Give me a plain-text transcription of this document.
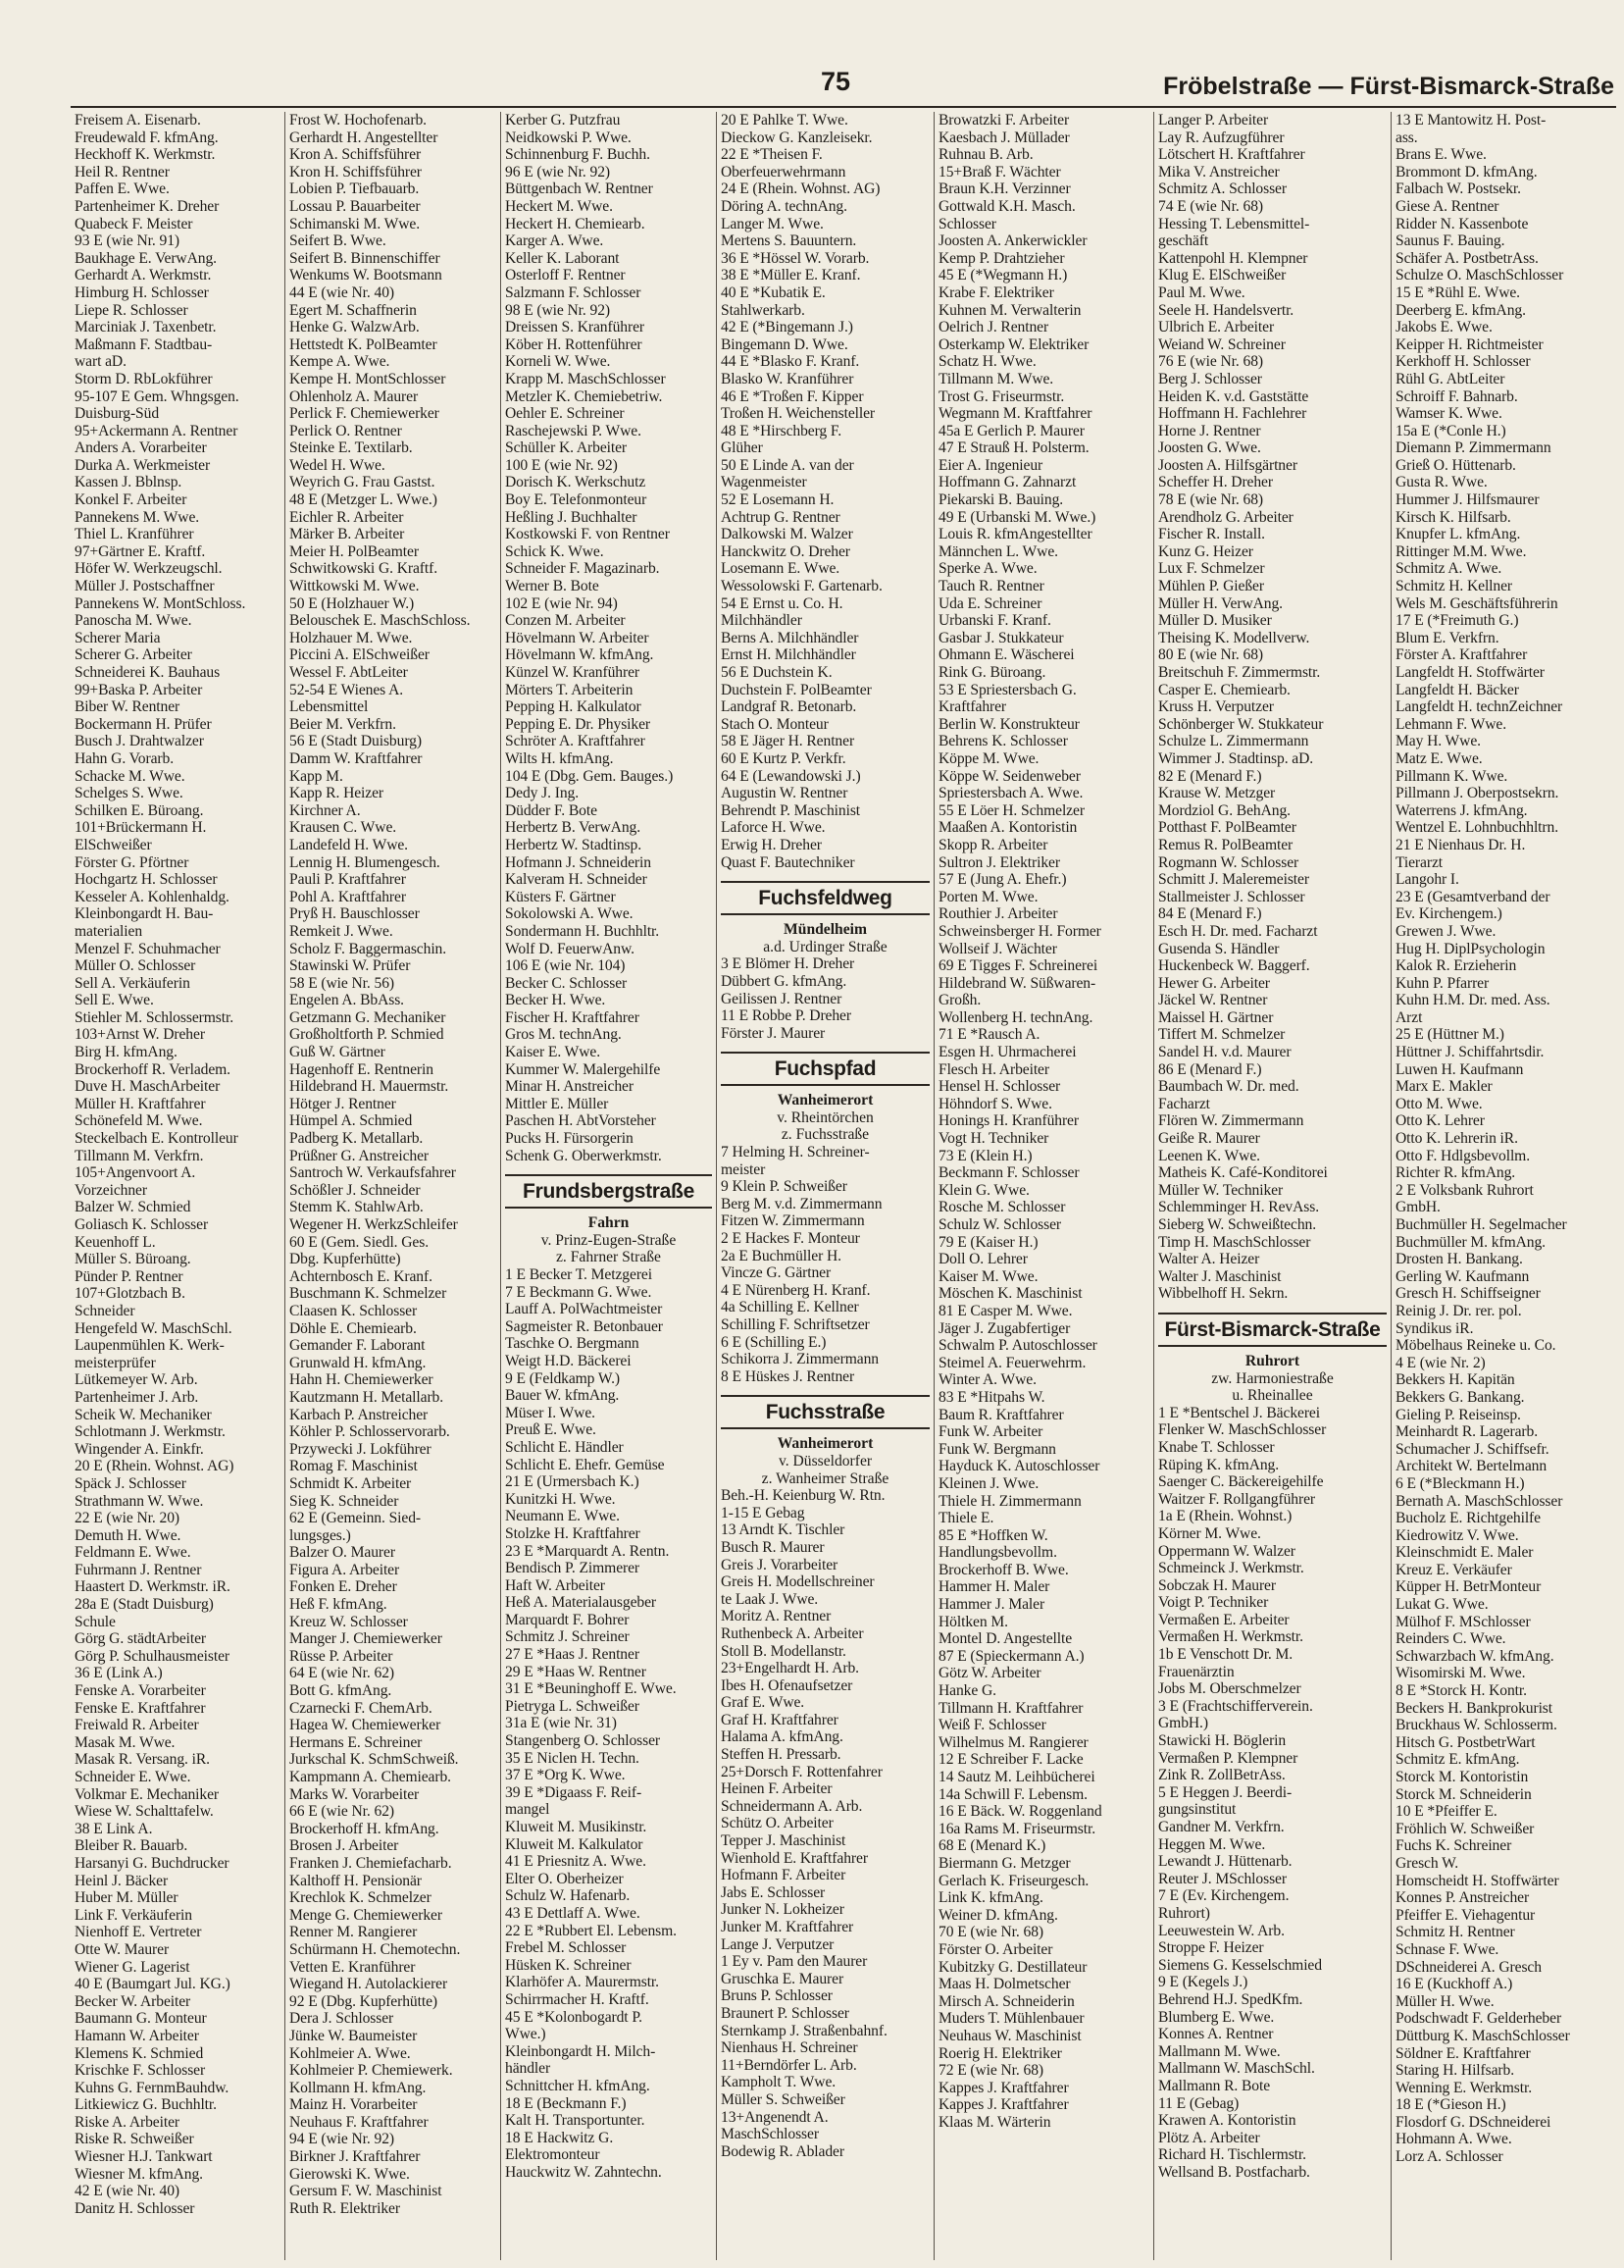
75	Fröbelstraße — Fürst-Bismarck-Straße
Freisem A. Eisenarb.
Freudewald F. kfmAng.
Heckhoff K. Werkmstr.
Heil R. Rentner
Paffen E. Wwe.
Partenheimer K. Dreher
Quabeck F. Meister
93 E (wie Nr. 91)
Baukhage E. VerwAng.
Gerhardt A. Werkmstr.
Himburg H. Schlosser
Liepe R. Schlosser
Marciniak J. Taxenbetr.
Maßmann F. Stadtbau-
wart aD.
Storm D. RbLokführer
95-107 E Gem. Whngsgen.
Duisburg-Süd
95+Ackermann A. Rentner
Anders A. Vorarbeiter
Durka A. Werkmeister
Kassen J. Bblnsp.
Konkel F. Arbeiter
Pannekens M. Wwe.
Thiel L. Kranführer
97+Gärtner E. Kraftf.
Höfer W. Werkzeugschl.
Müller J. Postschaffner
Pannekens W. MontSchloss.
Panoscha M. Wwe.
Scherer Maria
Scherer G. Arbeiter
Schneiderei K. Bauhaus
99+Baska P. Arbeiter
Biber W. Rentner
Bockermann H. Prüfer
Busch J. Drahtwalzer
Hahn G. Vorarb.
Schacke M. Wwe.
Schelges S. Wwe.
Schilken E. Büroang.
101+Brückermann H.
ElSchweißer
Förster G. Pförtner
Hochgartz H. Schlosser
Kesseler A. Kohlenhaldg.
Kleinbongardt H. Bau-
materialien
Menzel F. Schuhmacher
Müller O. Schlosser
Sell A. Verkäuferin
Sell E. Wwe.
Stiehler M. Schlossermstr.
103+Arnst W. Dreher
Birg H. kfmAng.
Brockerhoff R. Verladem.
Duve H. MaschArbeiter
Müller H. Kraftfahrer
Schönefeld M. Wwe.
Steckelbach E. Kontrolleur
Tillmann M. Verkfrn.
105+Angenvoort A.
Vorzeichner
Balzer W. Schmied
Goliasch K. Schlosser
Keuenhoff L.
Müller S. Büroang.
Pünder P. Rentner
107+Glotzbach B.
Schneider
Hengefeld W. MaschSchl.
Laupenmühlen K. Werk-
meisterprüfer
Lütkemeyer W. Arb.
Partenheimer J. Arb.
Scheik W. Mechaniker
Schlotmann J. Werkmstr.
Wingender A. Einkfr.
20 E (Rhein. Wohnst. AG)
Späck J. Schlosser
Strathmann W. Wwe.
22 E (wie Nr. 20)
Demuth H. Wwe.
Feldmann E. Wwe.
Fuhrmann J. Rentner
Haastert D. Werkmstr. iR.
28a E (Stadt Duisburg)
Schule
Görg G. städtArbeiter
Görg P. Schulhausmeister
36 E (Link A.)
Fenske A. Vorarbeiter
Fenske E. Kraftfahrer
Freiwald R. Arbeiter
Masak M. Wwe.
Masak R. Versang. iR.
Schneider E. Wwe.
Volkmar E. Mechaniker
Wiese W. Schalttafelw.
38 E Link A.
Bleiber R. Bauarb.
Harsanyi G. Buchdrucker
Heinl J. Bäcker
Huber M. Müller
Link F. Verkäuferin
Nienhoff E. Vertreter
Otte W. Maurer
Wiener G. Lagerist
40 E (Baumgart Jul. KG.)
Becker W. Arbeiter
Baumann G. Monteur
Hamann W. Arbeiter
Klemens K. Schmied
Krischke F. Schlosser
Kuhns G. FernmBauhdw.
Litkiewicz G. Buchhltr.
Riske A. Arbeiter
Riske R. Schweißer
Wiesner H.J. Tankwart
Wiesner M. kfmAng.
42 E (wie Nr. 40)
Danitz H. Schlosser
Frost W. Hochofenarb.
Gerhardt H. Angestellter
Kron A. Schiffsführer
Kron H. Schiffsführer
Lobien P. Tiefbauarb.
Lossau P. Bauarbeiter
Schimanski M. Wwe.
Seifert B. Wwe.
Seifert B. Binnenschiffer
Wenkums W. Bootsmann
44 E (wie Nr. 40)
Egert M. Schaffnerin
Henke G. WalzwArb.
Hettstedt K. PolBeamter
Kempe A. Wwe.
Kempe H. MontSchlosser
Ohlenholz A. Maurer
Perlick F. Chemiewerker
Perlick O. Rentner
Steinke E. Textilarb.
Wedel H. Wwe.
Weyrich G. Frau Gastst.
48 E (Metzger L. Wwe.)
Eichler R. Arbeiter
Märker B. Arbeiter
Meier H. PolBeamter
Schwitkowski G. Kraftf.
Wittkowski M. Wwe.
50 E (Holzhauer W.)
Belouschek E. MaschSchloss.
Holzhauer M. Wwe.
Piccini A. ElSchweißer
Wessel F. AbtLeiter
52-54 E Wienes A.
Lebensmittel
Beier M. Verkfrn.
56 E (Stadt Duisburg)
Damm W. Kraftfahrer
Kapp M.
Kapp R. Heizer
Kirchner A.
Krausen C. Wwe.
Landefeld H. Wwe.
Lennig H. Blumengesch.
Pauli P. Kraftfahrer
Pohl A. Kraftfahrer
Pryß H. Bauschlosser
Remkeit J. Wwe.
Scholz F. Baggermaschin.
Stawinski W. Prüfer
58 E (wie Nr. 56)
Engelen A. BbAss.
Getzmann G. Mechaniker
Großholtforth P. Schmied
Guß W. Gärtner
Hagenhoff E. Rentnerin
Hildebrand H. Mauermstr.
Hötger J. Rentner
Hümpel A. Schmied
Padberg K. Metallarb.
Prüßner G. Anstreicher
Santroch W. Verkaufsfahrer
Schößler J. Schneider
Stemm K. StahlwArb.
Wegener H. WerkzSchleifer
60 E (Gem. Siedl. Ges.
Dbg. Kupferhütte)
Achternbosch E. Kranf.
Buschmann K. Schmelzer
Claasen K. Schlosser
Döhle E. Chemiearb.
Gemander F. Laborant
Grunwald H. kfmAng.
Hahn H. Chemiewerker
Kautzmann H. Metallarb.
Karbach P. Anstreicher
Köhler P. Schlosservorarb.
Przywecki J. Lokführer
Romag F. Maschinist
Schmidt K. Arbeiter
Sieg K. Schneider
62 E (Gemeinn. Sied-
lungsges.)
Balzer O. Maurer
Figura A. Arbeiter
Fonken E. Dreher
Heß F. kfmAng.
Kreuz W. Schlosser
Manger J. Chemiewerker
Rüsse P. Arbeiter
64 E (wie Nr. 62)
Bott G. kfmAng.
Czarnecki F. ChemArb.
Hagea W. Chemiewerker
Hermans E. Schreiner
Jurkschal K. SchmSchweiß.
Kampmann A. Chemiearb.
Marks W. Vorarbeiter
66 E (wie Nr. 62)
Brockerhoff H. kfmAng.
Brosen J. Arbeiter
Franken J. Chemiefacharb.
Kalthoff H. Pensionär
Krechlok K. Schmelzer
Menge G. Chemiewerker
Renner M. Rangierer
Schürmann H. Chemotechn.
Vetten E. Kranführer
Wiegand H. Autolackierer
92 E (Dbg. Kupferhütte)
Dera J. Schlosser
Jünke W. Baumeister
Kohlmeier A. Wwe.
Kohlmeier P. Chemiewerk.
Kollmann H. kfmAng.
Mainz H. Vorarbeiter
Neuhaus F. Kraftfahrer
94 E (wie Nr. 92)
Birkner J. Kraftfahrer
Gierowski K. Wwe.
Gersum F. W. Maschinist
Ruth R. Elektriker
Kerber G. Putzfrau
Neidkowski P. Wwe.
Schinnenburg F. Buchh.
96 E (wie Nr. 92)
Büttgenbach W. Rentner
Heckert M. Wwe.
Heckert H. Chemiearb.
Karger A. Wwe.
Keller K. Laborant
Osterloff F. Rentner
Salzmann F. Schlosser
98 E (wie Nr. 92)
Dreissen S. Kranführer
Köber H. Rottenführer
Korneli W. Wwe.
Krapp M. MaschSchlosser
Metzler K. Chemiebetriw.
Oehler E. Schreiner
Raschejewski P. Wwe.
Schüller K. Arbeiter
100 E (wie Nr. 92)
Dorisch K. Werkschutz
Boy E. Telefonmonteur
Heßling J. Buchhalter
Kostkowski F. von Rentner
Schick K. Wwe.
Schneider F. Magazinarb.
Werner B. Bote
102 E (wie Nr. 94)
Conzen M. Arbeiter
Hövelmann W. Arbeiter
Hövelmann W. kfmAng.
Künzel W. Kranführer
Mörters T. Arbeiterin
Pepping H. Kalkulator
Pepping E. Dr. Physiker
Schröter A. Kraftfahrer
Wilts H. kfmAng.
104 E (Dbg. Gem. Bauges.)
Dedy J. Ing.
Düdder F. Bote
Herbertz B. VerwAng.
Herbertz W. Stadtinsp.
Hofmann J. Schneiderin
Kalveram H. Schneider
Küsters F. Gärtner
Sokolowski A. Wwe.
Sondermann H. Buchhltr.
Wolf D. FeuerwAnw.
106 E (wie Nr. 104)
Becker C. Schlosser
Becker H. Wwe.
Fischer H. Kraftfahrer
Gros M. technAng.
Kaiser E. Wwe.
Kummer W. Malergehilfe
Minar H. Anstreicher
Mittler E. Müller
Paschen H. AbtVorsteher
Pucks H. Fürsorgerin
Schenk G. Oberwerkmstr.
Frundsbergstraße
Fahrn
v. Prinz-Eugen-Straße
z. Fahrner Straße
1 E Becker T. Metzgerei
7 E Beckmann G. Wwe.
Lauff A. PolWachtmeister
Sagmeister R. Betonbauer
Taschke O. Bergmann
Weigt H.D. Bäckerei
9 E (Feldkamp W.)
Bauer W. kfmAng.
Müser I. Wwe.
Preuß E. Wwe.
Schlicht E. Händler
Schlicht E. Ehefr. Gemüse
21 E (Urmersbach K.)
Kunitzki H. Wwe.
Neumann E. Wwe.
Stolzke H. Kraftfahrer
23 E *Marquardt A. Rentn.
Bendisch P. Zimmerer
Haft W. Arbeiter
Heß A. Materialausgeber
Marquardt F. Bohrer
Schmitz J. Schreiner
27 E *Haas J. Rentner
29 E *Haas W. Rentner
31 E *Beuninghoff E. Wwe.
Pietryga L. Schweißer
31a E (wie Nr. 31)
Stangenberg O. Schlosser
35 E Niclen H. Techn.
37 E *Org K. Wwe.
39 E *Digaass F. Reif-
mangel
Kluweit M. Musikinstr.
Kluweit M. Kalkulator
41 E Priesnitz A. Wwe.
Elter O. Oberheizer
Schulz W. Hafenarb.
43 E Dettlaff A. Wwe.
22 E *Rubbert El. Lebensm.
Frebel M. Schlosser
Hüsken K. Schreiner
Klarhöfer A. Maurermstr.
Schirrmacher H. Kraftf.
45 E *Kolonbogardt P.
Wwe.)
Kleinbongardt H. Milch-
händler
Schnittcher H. kfmAng.
18 E (Beckmann F.)
Kalt H. Transportunter.
18 E Hackwitz G.
Elektromonteur
Hauckwitz W. Zahntechn.
20 E Pahlke T. Wwe.
Dieckow G. Kanzleisekr.
22 E *Theisen F.
Oberfeuerwehrmann
24 E (Rhein. Wohnst. AG)
Döring A. technAng.
Langer M. Wwe.
Mertens S. Bauuntern.
36 E *Hössel W. Vorarb.
38 E *Müller E. Kranf.
40 E *Kubatik E.
Stahlwerkarb.
42 E (*Bingemann J.)
Bingemann D. Wwe.
44 E *Blasko F. Kranf.
Blasko W. Kranführer
46 E *Troßen F. Kipper
Troßen H. Weichensteller
48 E *Hirschberg F.
Glüher
50 E Linde A. van der
Wagenmeister
52 E Losemann H.
Achtrup G. Rentner
Dalkowski M. Walzer
Hanckwitz O. Dreher
Losemann E. Wwe.
Wessolowski F. Gartenarb.
54 E Ernst u. Co. H.
Milchhändler
Berns A. Milchhändler
Ernst H. Milchhändler
56 E Duchstein K.
Duchstein F. PolBeamter
Landgraf R. Betonarb.
Stach O. Monteur
58 E Jäger H. Rentner
60 E Kurtz P. Verkfr.
64 E (Lewandowski J.)
Augustin W. Rentner
Behrendt P. Maschinist
Laforce H. Wwe.
Erwig H. Dreher
Quast F. Bautechniker
Fuchsfeldweg
Mündelheim
a.d. Urdinger Straße
3 E Blömer H. Dreher
Dübbert G. kfmAng.
Geilissen J. Rentner
11 E Robbe P. Dreher
Förster J. Maurer
Fuchspfad
Wanheimerort
v. Rheintörchen
z. Fuchsstraße
7 Helming H. Schreiner-
meister
9 Klein P. Schweißer
Berg M. v.d. Zimmermann
Fitzen W. Zimmermann
2 E Hackes F. Monteur
2a E Buchmüller H.
Vincze G. Gärtner
4 E Nürenberg H. Kranf.
4a Schilling E. Kellner
Schilling F. Schriftsetzer
6 E (Schilling E.)
Schikorra J. Zimmermann
8 E Hüskes J. Rentner
Fuchsstraße
Wanheimerort
v. Düsseldorfer
z. Wanheimer Straße
Beh.-H. Keienburg W. Rtn.
1-15 E Gebag
13 Arndt K. Tischler
Busch R. Maurer
Greis J. Vorarbeiter
Greis H. Modellschreiner
te Laak J. Wwe.
Moritz A. Rentner
Ruthenbeck A. Arbeiter
Stoll B. Modellanstr.
23+Engelhardt H. Arb.
Ibes H. Ofenaufsetzer
Graf E. Wwe.
Graf H. Kraftfahrer
Halama A. kfmAng.
Steffen H. Pressarb.
25+Dorsch F. Rottenfahrer
Heinen F. Arbeiter
Schneidermann A. Arb.
Schütz O. Arbeiter
Tepper J. Maschinist
Wienhold E. Kraftfahrer
Hofmann F. Arbeiter
Jabs E. Schlosser
Junker N. Lokheizer
Junker M. Kraftfahrer
Lange J. Verputzer
1 Ey v. Pam den Maurer
Gruschka E. Maurer
Bruns P. Schlosser
Braunert P. Schlosser
Sternkamp J. Straßenbahnf.
Nienhaus H. Schreiner
11+Berndörfer L. Arb.
Kampholt T. Wwe.
Müller S. Schweißer
13+Angenendt A.
MaschSchlosser
Bodewig R. Ablader
Browatzki F. Arbeiter
Kaesbach J. Müllader
Ruhnau B. Arb.
15+Braß F. Wächter
Braun K.H. Verzinner
Gottwald K.H. Masch.
Schlosser
Joosten A. Ankerwickler
Kemp P. Drahtzieher
45 E (*Wegmann H.)
Krabe F. Elektriker
Kuhnen M. Verwalterin
Oelrich J. Rentner
Osterkamp W. Elektriker
Schatz H. Wwe.
Tillmann M. Wwe.
Trost G. Friseurmstr.
Wegmann M. Kraftfahrer
45a E Gerlich P. Maurer
47 E Strauß H. Polsterm.
Eier A. Ingenieur
Hoffmann G. Zahnarzt
Piekarski B. Bauing.
49 E (Urbanski M. Wwe.)
Louis R. kfmAngestellter
Männchen L. Wwe.
Sperke A. Wwe.
Tauch R. Rentner
Uda E. Schreiner
Urbanski F. Kranf.
Gasbar J. Stukkateur
Ohmann E. Wäscherei
Rink G. Büroang.
53 E Spriestersbach G.
Kraftfahrer
Berlin W. Konstrukteur
Behrens K. Schlosser
Köppe M. Wwe.
Köppe W. Seidenweber
Spriestersbach A. Wwe.
55 E Löer H. Schmelzer
Maaßen A. Kontoristin
Skopp R. Arbeiter
Sultron J. Elektriker
57 E (Jung A. Ehefr.)
Porten M. Wwe.
Routhier J. Arbeiter
Schweinsberger H. Former
Wollseif J. Wächter
69 E Tigges F. Schreinerei
Hildebrand W. Süßwaren-
Großh.
Wollenberg H. technAng.
71 E *Rausch A.
Esgen H. Uhrmacherei
Flesch H. Arbeiter
Hensel H. Schlosser
Höhndorf S. Wwe.
Honings H. Kranführer
Vogt H. Techniker
73 E (Klein H.)
Beckmann F. Schlosser
Klein G. Wwe.
Rosche M. Schlosser
Schulz W. Schlosser
79 E (Kaiser H.)
Doll O. Lehrer
Kaiser M. Wwe.
Möschen K. Maschinist
81 E Casper M. Wwe.
Jäger J. Zugabfertiger
Schwalm P. Autoschlosser
Steimel A. Feuerwehrm.
Winter A. Wwe.
83 E *Hitpahs W.
Baum R. Kraftfahrer
Funk W. Arbeiter
Funk W. Bergmann
Hayduck K. Autoschlosser
Kleinen J. Wwe.
Thiele H. Zimmermann
Thiele E.
85 E *Hoffken W.
Handlungsbevollm.
Brockerhoff B. Wwe.
Hammer H. Maler
Hammer J. Maler
Höltken M.
Montel D. Angestellte
87 E (Spieckermann A.)
Götz W. Arbeiter
Hanke G.
Tillmann H. Kraftfahrer
Weiß F. Schlosser
Wilhelmus M. Rangierer
12 E Schreiber F. Lacke
14 Sautz M. Leihbücherei
14a Schwill F. Lebensm.
16 E Bäck. W. Roggenland
16a Rams M. Friseurmstr.
68 E (Menard K.)
Biermann G. Metzger
Gerlach K. Friseurgesch.
Link K. kfmAng.
Weiner D. kfmAng.
70 E (wie Nr. 68)
Förster O. Arbeiter
Kubitzky G. Destillateur
Maas H. Dolmetscher
Mirsch A. Schneiderin
Muders T. Mühlenbauer
Neuhaus W. Maschinist
Roerig H. Elektriker
72 E (wie Nr. 68)
Kappes J. Kraftfahrer
Kappes J. Kraftfahrer
Klaas M. Wärterin
Langer P. Arbeiter
Lay R. Aufzugführer
Lötschert H. Kraftfahrer
Mika V. Anstreicher
Schmitz A. Schlosser
74 E (wie Nr. 68)
Hessing T. Lebensmittel-
geschäft
Kattenpohl H. Klempner
Klug E. ElSchweißer
Paul M. Wwe.
Seele H. Handelsvertr.
Ulbrich E. Arbeiter
Weiand W. Schreiner
76 E (wie Nr. 68)
Berg J. Schlosser
Heiden K. v.d. Gaststätte
Hoffmann H. Fachlehrer
Horne J. Rentner
Joosten G. Wwe.
Joosten A. Hilfsgärtner
Scheffer H. Dreher
78 E (wie Nr. 68)
Arendholz G. Arbeiter
Fischer R. Install.
Kunz G. Heizer
Lux F. Schmelzer
Mühlen P. Gießer
Müller H. VerwAng.
Müller D. Musiker
Theising K. Modellverw.
80 E (wie Nr. 68)
Breitschuh F. Zimmermstr.
Casper E. Chemiearb.
Kruss H. Verputzer
Schönberger W. Stukkateur
Schulze L. Zimmermann
Wimmer J. Stadtinsp. aD.
82 E (Menard F.)
Krause W. Metzger
Mordziol G. BehAng.
Potthast F. PolBeamter
Remus R. PolBeamter
Rogmann W. Schlosser
Schmitt J. Maleremeister
Stallmeister J. Schlosser
84 E (Menard F.)
Esch H. Dr. med. Facharzt
Gusenda S. Händler
Huckenbeck W. Baggerf.
Hewer G. Arbeiter
Jäckel W. Rentner
Maissel H. Gärtner
Tiffert M. Schmelzer
Sandel H. v.d. Maurer
86 E (Menard F.)
Baumbach W. Dr. med.
Facharzt
Flören W. Zimmermann
Geiße R. Maurer
Leenen K. Wwe.
Matheis K. Café-Konditorei
Müller W. Techniker
Schlemminger H. RevAss.
Sieberg W. Schweißtechn.
Timp H. MaschSchlosser
Walter A. Heizer
Walter J. Maschinist
Wibbelhoff H. Sekrn.
Fürst-Bismarck-Straße
Ruhrort
zw. Harmoniestraße
u. Rheinallee
1 E *Bentschel J. Bäckerei
Flenker W. MaschSchlosser
Knabe T. Schlosser
Rüping K. kfmAng.
Saenger C. Bäckereigehilfe
Waitzer F. Rollgangführer
1a E (Rhein. Wohnst.)
Körner M. Wwe.
Oppermann W. Walzer
Schmeinck J. Werkmstr.
Sobczak H. Maurer
Voigt P. Techniker
Vermaßen E. Arbeiter
Vermaßen H. Werkmstr.
1b E Venschott Dr. M.
Frauenärztin
Jobs M. Oberschmelzer
3 E (Frachtschifferverein.
GmbH.)
Stawicki H. Böglerin
Vermaßen P. Klempner
Zink R. ZollBetrAss.
5 E Heggen J. Beerdi-
gungsinstitut
Gandner M. Verkfrn.
Heggen M. Wwe.
Lewandt J. Hüttenarb.
Reuter J. MSchlosser
7 E (Ev. Kirchengem.
Ruhrort)
Leeuwestein W. Arb.
Stroppe F. Heizer
Siemens G. Kesselschmied
9 E (Kegels J.)
Behrend H.J. SpedKfm.
Blumberg E. Wwe.
Konnes A. Rentner
Mallmann M. Wwe.
Mallmann W. MaschSchl.
Mallmann R. Bote
11 E (Gebag)
Krawen A. Kontoristin
Plötz A. Arbeiter
Richard H. Tischlermstr.
Wellsand B. Postfacharb.
13 E Mantowitz H. Post-
ass.
Brans E. Wwe.
Brommont D. kfmAng.
Falbach W. Postsekr.
Giese A. Rentner
Ridder N. Kassenbote
Saunus F. Bauing.
Schäfer A. PostbetrAss.
Schulze O. MaschSchlosser
15 E *Rühl E. Wwe.
Deerberg E. kfmAng.
Jakobs E. Wwe.
Keipper H. Richtmeister
Kerkhoff H. Schlosser
Rühl G. AbtLeiter
Schroiff F. Bahnarb.
Wamser K. Wwe.
15a E (*Conle H.)
Diemann P. Zimmermann
Grieß O. Hüttenarb.
Gusta R. Wwe.
Hummer J. Hilfsmaurer
Kirsch K. Hilfsarb.
Knupfer L. kfmAng.
Rittinger M.M. Wwe.
Schmitz A. Wwe.
Schmitz H. Kellner
Wels M. Geschäftsführerin
17 E (*Freimuth G.)
Blum E. Verkfrn.
Förster A. Kraftfahrer
Langfeldt H. Stoffwärter
Langfeldt H. Bäcker
Langfeldt H. technZeichner
Lehmann F. Wwe.
May H. Wwe.
Matz E. Wwe.
Pillmann K. Wwe.
Pillmann J. Oberpostsekrn.
Waterrens J. kfmAng.
Wentzel E. Lohnbuchhltrn.
21 E Nienhaus Dr. H.
Tierarzt
Langohr I.
23 E (Gesamtverband der
Ev. Kirchengem.)
Grewen J. Wwe.
Hug H. DiplPsychologin
Kalok R. Erzieherin
Kuhn P. Pfarrer
Kuhn H.M. Dr. med. Ass.
Arzt
25 E (Hüttner M.)
Hüttner J. Schiffahrtsdir.
Luwen H. Kaufmann
Marx E. Makler
Otto M. Wwe.
Otto K. Lehrer
Otto K. Lehrerin iR.
Otto F. Hdlgsbevollm.
Richter R. kfmAng.
2 E Volksbank Ruhrort
GmbH.
Buchmüller H. Segelmacher
Buchmüller M. kfmAng.
Drosten H. Bankang.
Gerling W. Kaufmann
Gresch H. Schiffseigner
Reinig J. Dr. rer. pol.
Syndikus iR.
Möbelhaus Reineke u. Co.
4 E (wie Nr. 2)
Bekkers H. Kapitän
Bekkers G. Bankang.
Gieling P. Reiseinsp.
Meinhardt R. Lagerarb.
Schumacher J. Schiffsefr.
Architekt W. Bertelmann
6 E (*Bleckmann H.)
Bernath A. MaschSchlosser
Bucholz E. Richtgehilfe
Kiedrowitz V. Wwe.
Kleinschmidt E. Maler
Kreuz E. Verkäufer
Küpper H. BetrMonteur
Lukat G. Wwe.
Mülhof F. MSchlosser
Reinders C. Wwe.
Schwarzbach W. kfmAng.
Wisomirski M. Wwe.
8 E *Storck H. Kontr.
Beckers H. Bankprokurist
Bruckhaus W. Schlosserm.
Hitsch G. PostbetrWart
Schmitz E. kfmAng.
Storck M. Kontoristin
Storck M. Schneiderin
10 E *Pfeiffer E.
Fröhlich W. Schweißer
Fuchs K. Schreiner
Gresch W.
Homscheidt H. Stoffwärter
Konnes P. Anstreicher
Pfeiffer E. Viehagentur
Schmitz H. Rentner
Schnase F. Wwe.
DSchneiderei A. Gresch
16 E (Kuckhoff A.)
Müller H. Wwe.
Podschwadt F. Gelderheber
Düttburg K. MaschSchlosser
Söldner E. Kraftfahrer
Staring H. Hilfsarb.
Wenning E. Werkmstr.
18 E (*Gieson H.)
Flosdorf G. DSchneiderei
Hohmann A. Wwe.
Lorz A. Schlosser
